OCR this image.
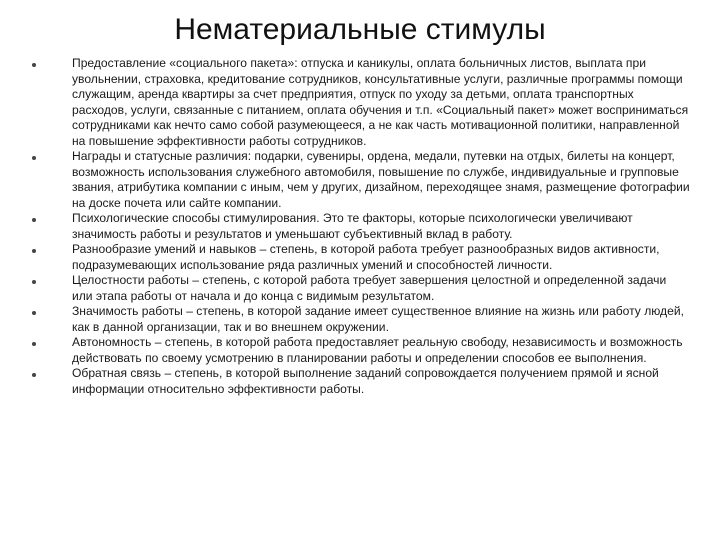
Нематериальные стимулы
Предоставление «социального пакета»: отпуска и каникулы, оплата больничных листов, выплата при увольнении, страховка, кредитование сотрудников, консультативные услуги, различные программы помощи служащим, аренда квартиры за счет предприятия, отпуск по уходу за детьми, оплата транспортных расходов, услуги, связанные с питанием, оплата обучения и т.п. «Социальный пакет» может восприниматься сотрудниками как нечто само собой разумеющееся, а не как часть мотивационной политики, направленной на повышение эффективности работы сотрудников.
Награды и статусные различия: подарки, сувениры, ордена, медали, путевки на отдых, билеты на концерт, возможность использования служебного автомобиля, повышение по службе, индивидуальные и групповые звания, атрибутика компании с иным, чем у других, дизайном, переходящее знамя, размещение фотографии на доске почета или сайте компании.
Психологические способы стимулирования. Это те факторы, которые психологически увеличивают значимость работы и результатов и уменьшают субъективный вклад в работу.
Разнообразие умений и навыков – степень, в которой работа требует разнообразных видов активности, подразумевающих использование ряда различных умений и способностей личности.
Целостности работы – степень, с которой работа требует завершения целостной и определенной задачи или этапа работы от начала и до конца с видимым результатом.
Значимость работы – степень, в которой задание имеет существенное влияние на жизнь или работу людей, как в данной организации, так и во внешнем окружении.
Автономность – степень, в которой работа предоставляет реальную свободу, независимость и возможность действовать по своему усмотрению в планировании работы и определении способов ее выполнения.
Обратная связь – степень, в которой выполнение заданий сопровождается получением прямой и ясной информации относительно эффективности работы.
